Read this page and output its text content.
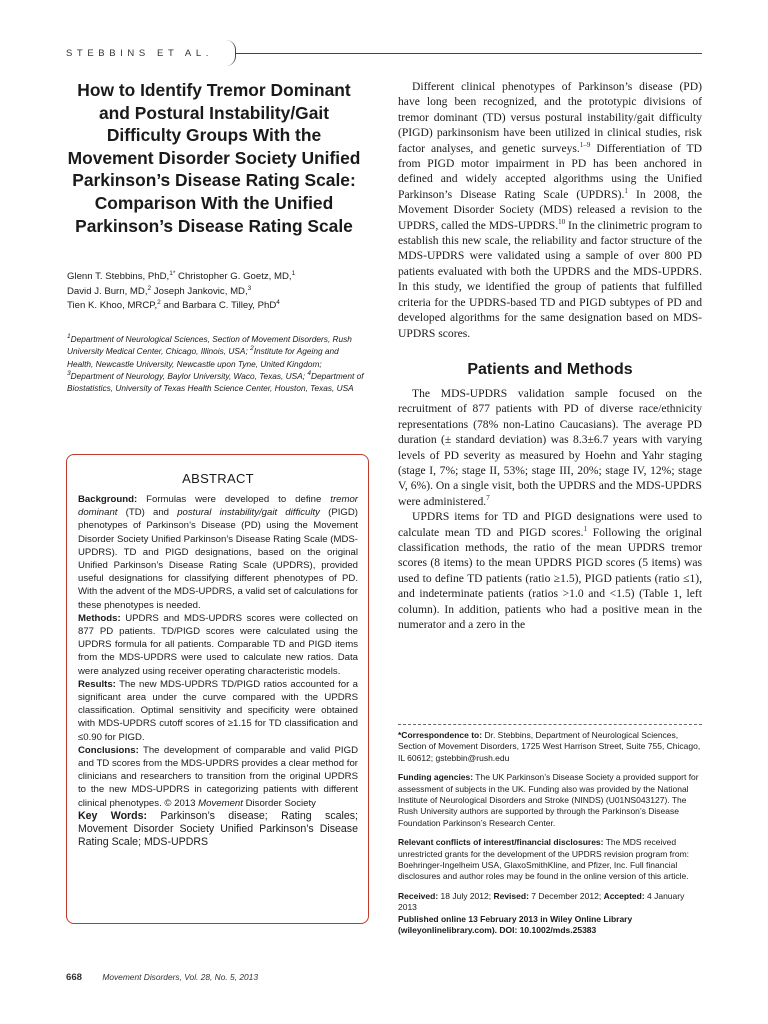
STEBBINS ET AL.
How to Identify Tremor Dominant and Postural Instability/Gait Difficulty Groups With the Movement Disorder Society Unified Parkinson’s Disease Rating Scale: Comparison With the Unified Parkinson’s Disease Rating Scale
Glenn T. Stebbins, PhD,$^{1*}$ Christopher G. Goetz, MD,$^1$
David J. Burn, MD,$^2$ Joseph Jankovic, MD,$^3$
Tien K. Khoo, MRCP,$^2$ and Barbara C. Tilley, PhD$^4$
$^1$Department of Neurological Sciences, Section of Movement Disorders, Rush University Medical Center, Chicago, Illinois, USA; $^2$Institute for Ageing and Health, Newcastle University, Newcastle upon Tyne, United Kingdom; $^3$Department of Neurology, Baylor University, Waco, Texas, USA; $^4$Department of Biostatistics, University of Texas Health Science Center, Houston, Texas, USA
ABSTRACT

Background: Formulas were developed to define tremor dominant (TD) and postural instability/gait difficulty (PIGD) phenotypes of Parkinson’s Disease (PD) using the Movement Disorder Society Unified Parkinson’s Disease Rating Scale (MDS-UPDRS). TD and PIGD designations, based on the original Unified Parkinson’s Disease Rating Scale (UPDRS), provided useful designations for classifying different phenotypes of PD. With the advent of the MDS-UPDRS, a valid set of calculations for these phenotypes is needed.

Methods: UPDRS and MDS-UPDRS scores were collected on 877 PD patients. TD/PIGD scores were calculated using the UPDRS formula for all patients. Comparable TD and PIGD items from the MDS-UPDRS were used to calculate new ratios. Data were analyzed using receiver operating characteristic models.

Results: The new MDS-UPDRS TD/PIGD ratios accounted for a significant area under the curve compared with the UPDRS classification. Optimal sensitivity and specificity were obtained with MDS-UPDRS cutoff scores of ≥1.15 for TD classification and ≤0.90 for PIGD.

Conclusions: The development of comparable and valid PIGD and TD scores from the MDS-UPDRS provides a clear method for clinicians and researchers to transition from the original UPDRS to the new MDS-UPDRS in categorizing patients with different clinical phenotypes. © 2013 Movement Disorder Society

Key Words: Parkinson’s disease; Rating scales; Movement Disorder Society Unified Parkinson’s Disease Rating Scale; MDS-UPDRS

Different clinical phenotypes of Parkinson’s disease (PD) have long been recognized, and the prototypic divisions of tremor dominant (TD) versus postural instability/gait difficulty (PIGD) parkinsonism have been utilized in clinical studies, risk factor analyses, and genetic surveys.$^{1-9}$ Differentiation of TD from PIGD motor impairment in PD has been anchored in defined and widely accepted algorithms using the Unified Parkinson’s Disease Rating Scale (UPDRS).$^1$ In 2008, the Movement Disorder Society (MDS) released a revision to the UPDRS, called the MDS-UPDRS.$^{10}$ In the clinimetric program to establish this new scale, the reliability and factor structure of the MDS-UPDRS were validated using a sample of over 800 PD patients evaluated with both the UPDRS and the MDS-UPDRS. In this study, we identified the group of patients that fulfilled criteria for the UPDRS-based TD and PIGD subtypes of PD and developed algorithms for the same designation based on MDS-UPDRS scores.

Patients and Methods

The MDS-UPDRS validation sample focused on the recruitment of 877 patients with PD of diverse race/ethnicity representations (78% non-Latino Caucasians). The average PD duration (± standard deviation) was 8.3±6.7 years with varying levels of PD severity as measured by Hoehn and Yahr staging (stage I, 7%; stage II, 53%; stage III, 20%; stage IV, 12%; stage V, 6%). On a single visit, both the UPDRS and the MDS-UPDRS were administered.$^7$

UPDRS items for TD and PIGD designations were used to calculate mean TD and PIGD scores.$^1$ Following the original classification methods, the ratio of the mean UPDRS tremor scores (8 items) to the mean UPDRS PIGD scores (5 items) was used to define TD patients (ratio ≥1.5), PIGD patients (ratio ≤1), and indeterminate patients (ratios >1.0 and <1.5) (Table 1, left column). In addition, patients who had a positive mean in the numerator and a zero in the

*Correspondence to: Dr. Stebbins, Department of Neurological Sciences, Section of Movement Disorders, 1725 West Harrison Street, Suite 755, Chicago, IL 60612; gstebbin@rush.edu

Funding agencies: The UK Parkinson’s Disease Society a provided support for assessment of subjects in the UK. Funding also was provided by the National Institute of Neurological Disorders and Stroke (NINDS) (U01NS043127). The Rush University authors are supported by through the Parkinson’s Disease Foundation Parkinson’s Research Center.

Relevant conflicts of interest/financial disclosures: The MDS received unrestricted grants for the development of the UPDRS revision program from: Boehringer-Ingelheim USA, GlaxoSmithKline, and Pfizer, Inc. Full financial disclosures and author roles may be found in the online version of this article.

Received: 18 July 2012; Revised: 7 December 2012; Accepted: 4 January 2013

Published online 13 February 2013 in Wiley Online Library (wileyonlinelibrary.com). DOI: 10.1002/mds.25383

668 Movement Disorders, Vol. 28, No. 5, 2013
